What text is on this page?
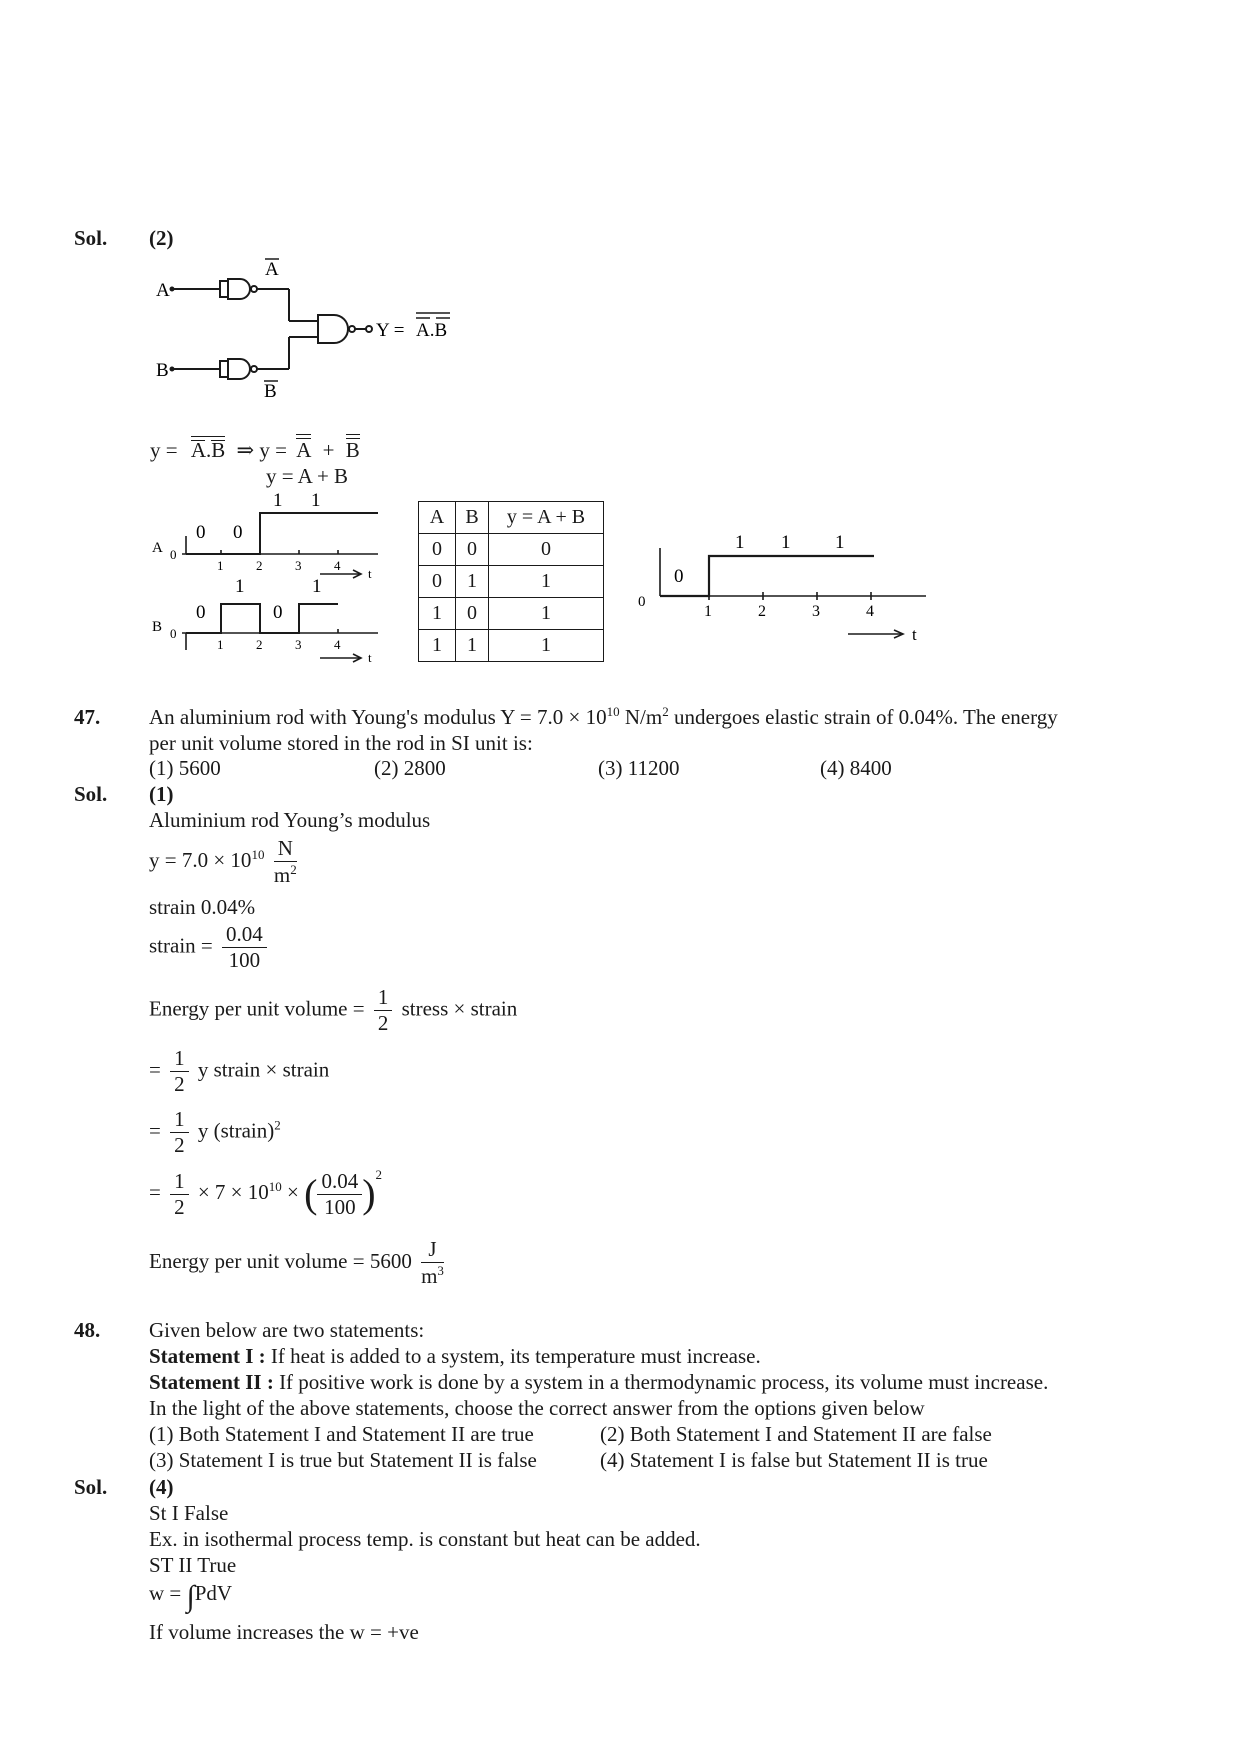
Sol. (2)
A
B
A
B
Y = A.B
y = A.B ⇒ y = A + B
y = A + B
A 0
0 0
1 1
1	2	3	4
t
B 0
0
1
0
1
1	2	3	4
t
A	B	y = A + B
0	0	0
0	1	1
1	0	1
1	1	1
0
0
1 1 1
1	2	3	4
t
47. An aluminium rod with Young's modulus $Y = 7.0 \times 10^{10}$ $N/m^2$ undergoes elastic strain of 0.04%. The energy
per unit volume stored in the rod in SI unit is:
(1) 5600	(2) 2800	(3) 11200	(4) 8400
Sol. (1)
Aluminium rod Young’s modulus
$y = 7.0 \times 10^{10} \frac{N}{m^2}$
strain 0.04%
strain = $\frac{0.04}{100}$
Energy per unit volume = $\frac{1}{2}$ stress × strain
= $\frac{1}{2}$ y strain × strain
= $\frac{1}{2}$ y (strain)$^2$
= $\frac{1}{2} \times 7 \times 10^{10}$ × ( $\frac{0.04}{100} )^2$
Energy per unit volume = $5600 \frac{J}{m^3}$
48. Given below are two statements:
Statement I : If heat is added to a system, its temperature must increase.
Statement II : If positive work is done by a system in a thermodynamic process, its volume must increase.
In the light of the above statements, choose the correct answer from the options given below
(1) Both Statement I and Statement II are true	(2) Both Statement I and Statement II are false
(3) Statement I is true but Statement II is false	(4) Statement I is false but Statement II is true
Sol. (4)
St I False
Ex. in isothermal process temp. is constant but heat can be added.
ST II True
w = ∫PdV
If volume increases the w = +ve
